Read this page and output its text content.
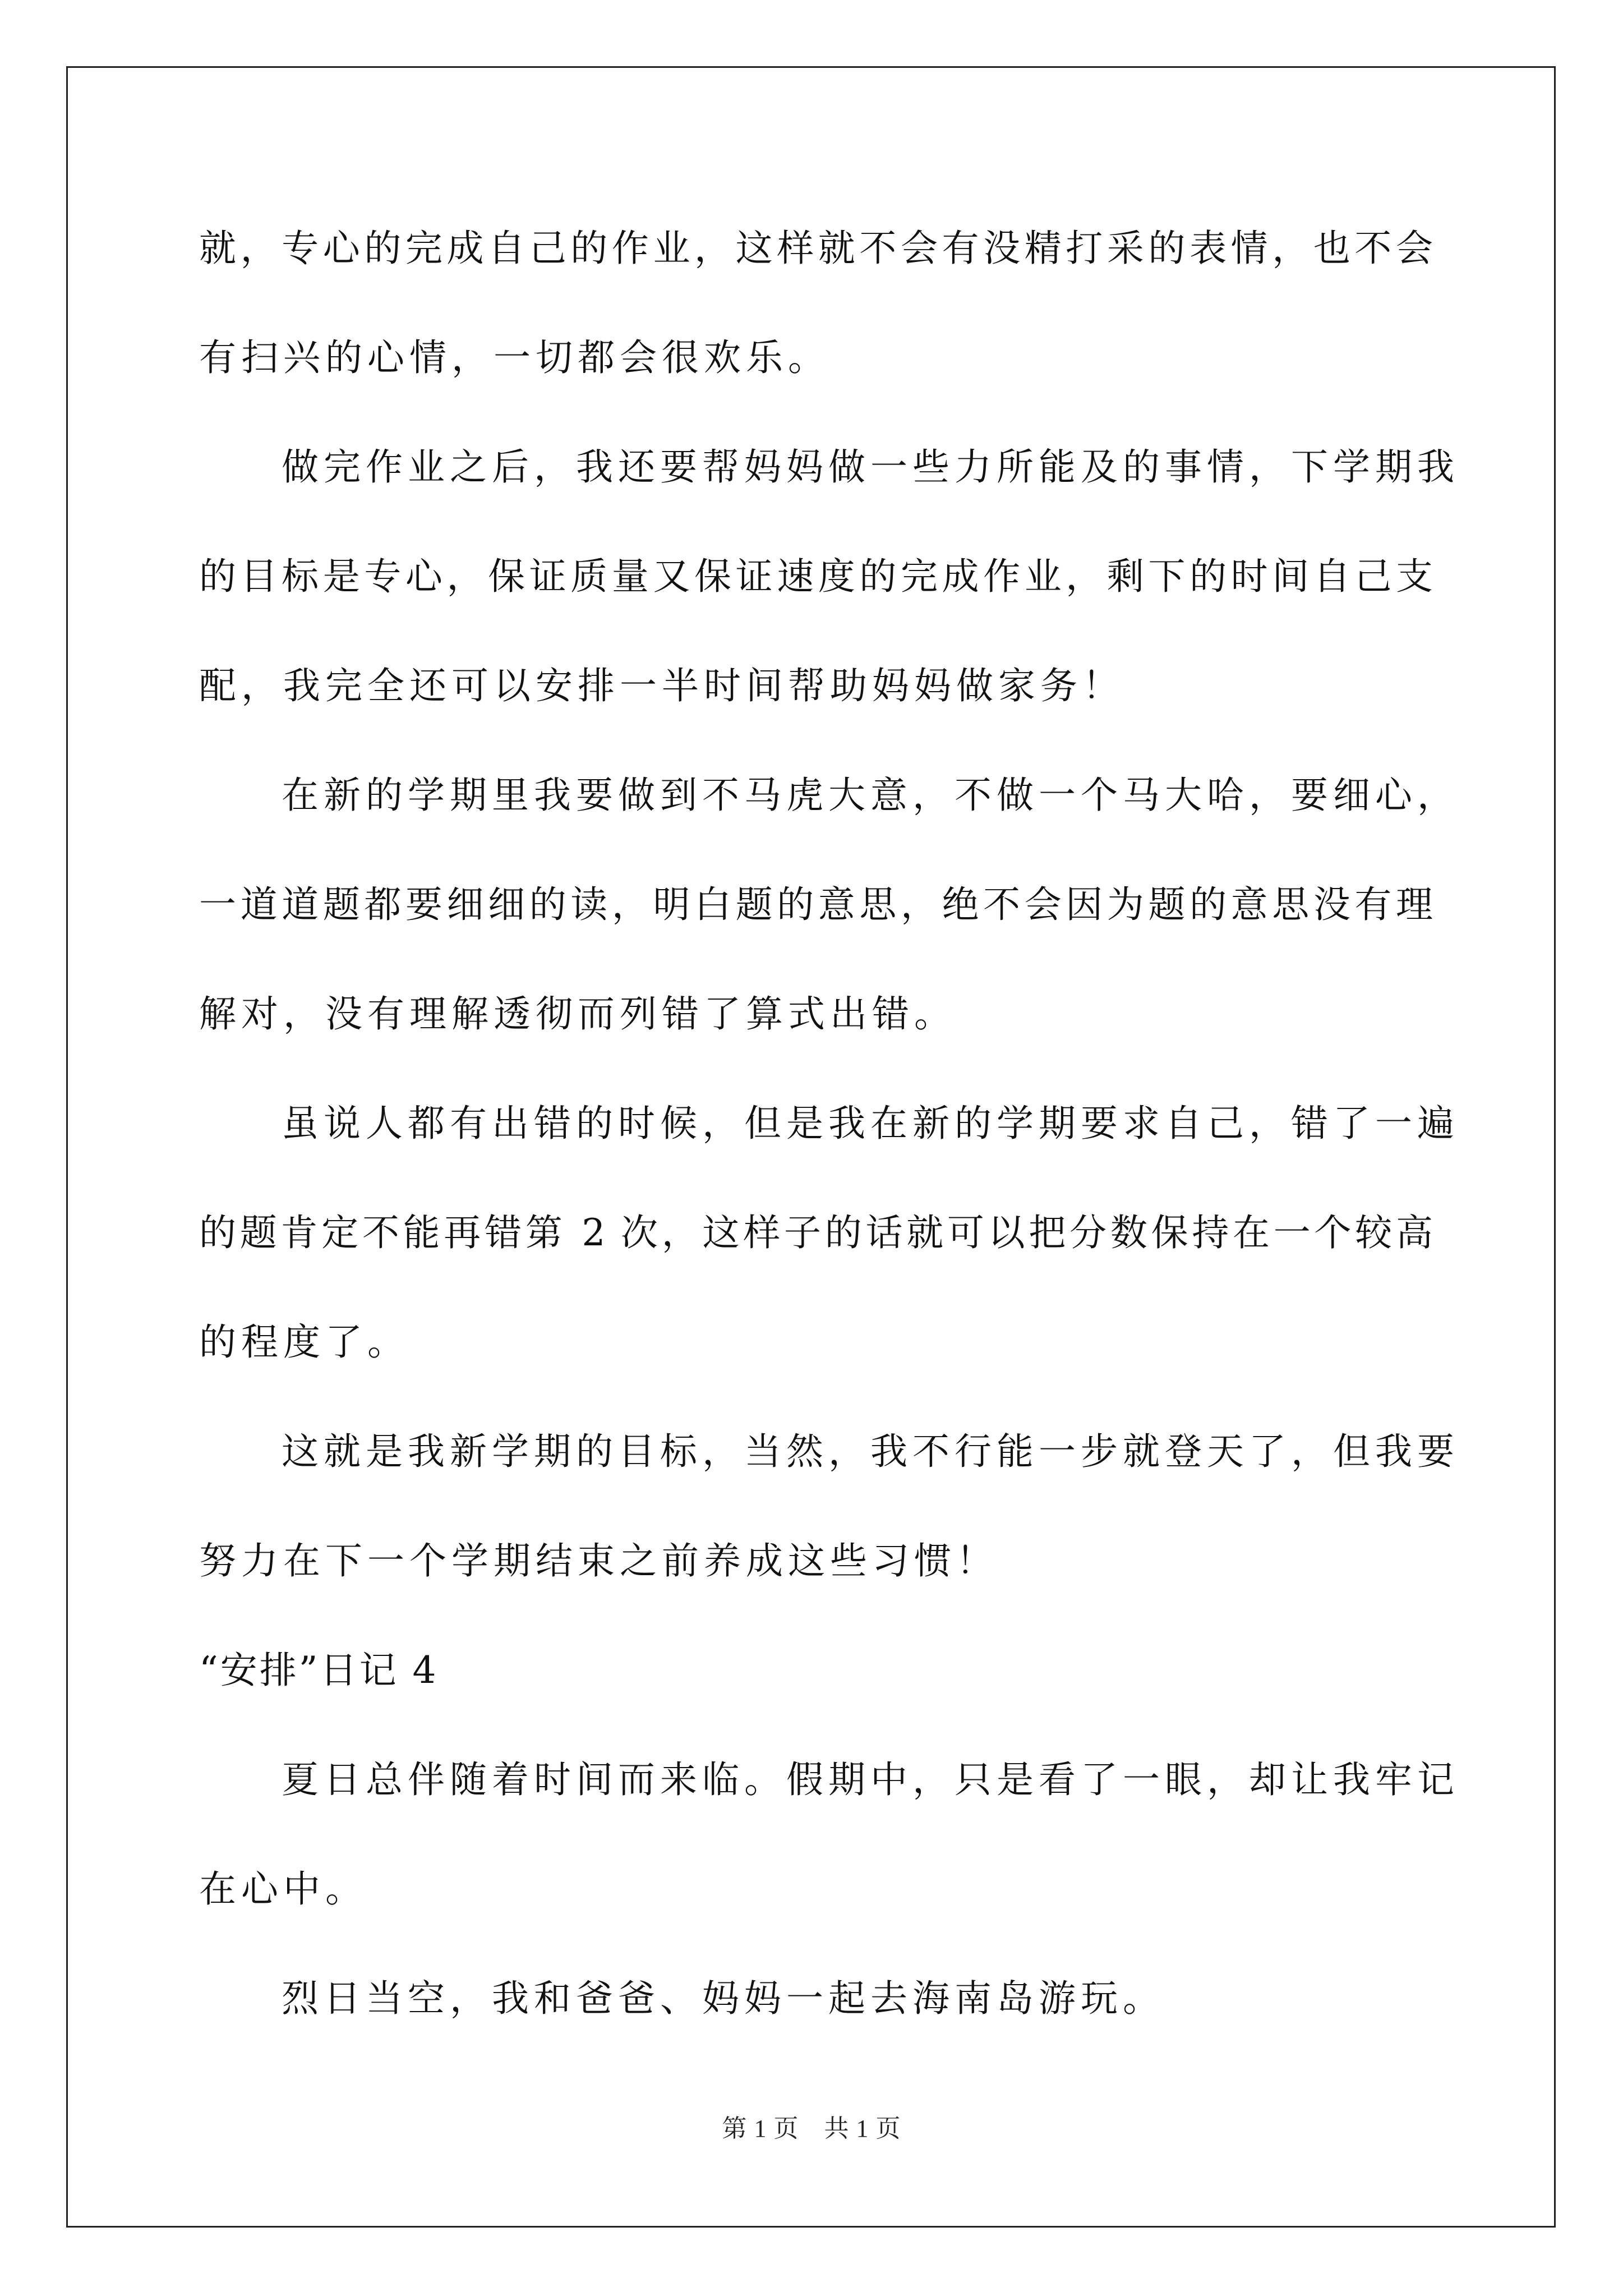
就，专心的完成自己的作业，这样就不会有没精打采的表情，也不会
有扫兴的心情，一切都会很欢乐。
做完作业之后，我还要帮妈妈做一些力所能及的事情，下学期我
的目标是专心，保证质量又保证速度的完成作业，剩下的时间自己支
配，我完全还可以安排一半时间帮助妈妈做家务！
在新的学期里我要做到不马虎大意，不做一个马大哈，要细心，
一道道题都要细细的读，明白题的意思，绝不会因为题的意思没有理
解对，没有理解透彻而列错了算式出错。
虽说人都有出错的时候，但是我在新的学期要求自己，错了一遍
的题肯定不能再错第 2 次，这样子的话就可以把分数保持在一个较高
的程度了。
这就是我新学期的目标，当然，我不行能一步就登天了，但我要
努力在下一个学期结束之前养成这些习惯！
“安排”日记 4
夏日总伴随着时间而来临。假期中，只是看了一眼，却让我牢记
在心中。
烈日当空，我和爸爸、妈妈一起去海南岛游玩。
第 1 页　共 1 页
